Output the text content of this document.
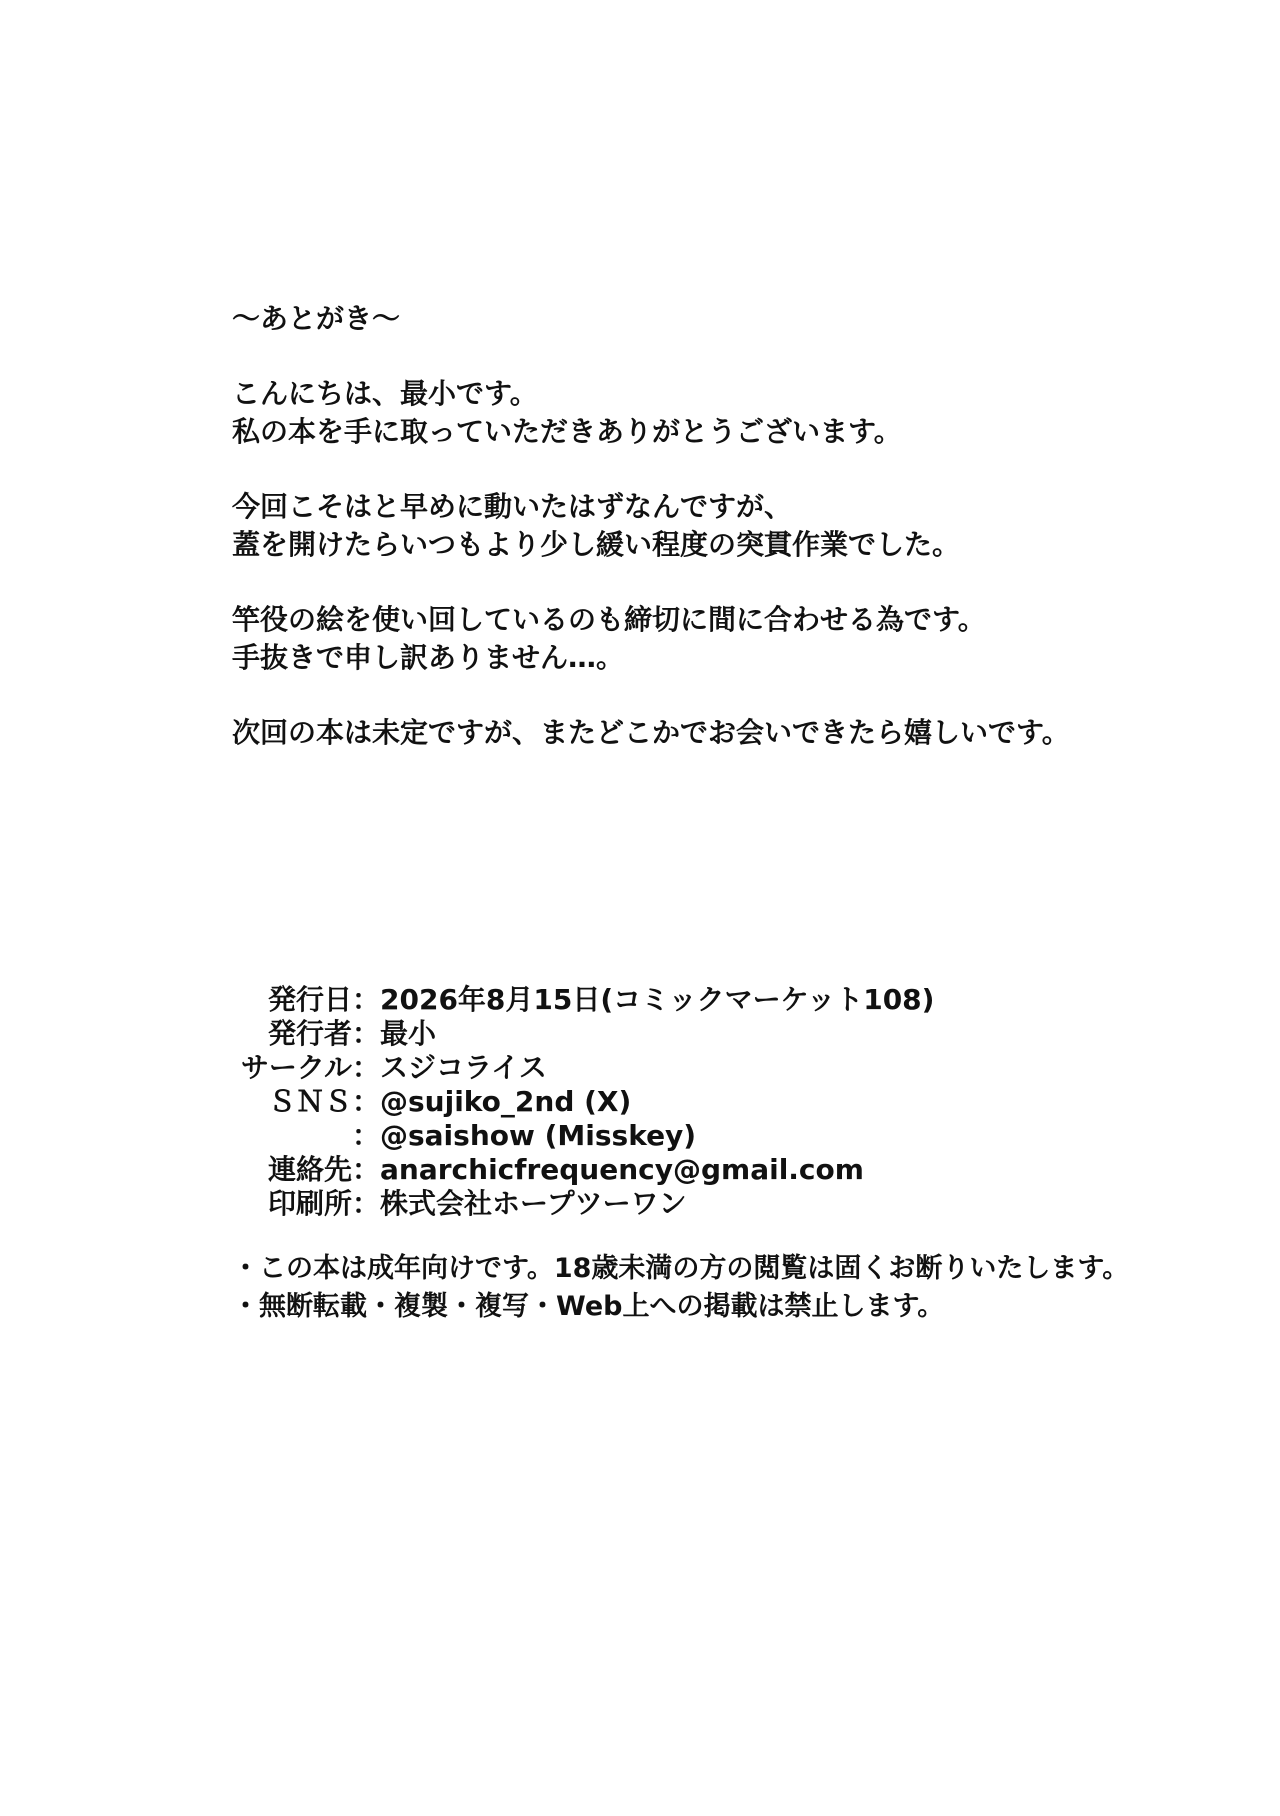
〜あとがき〜

こんにちは、最小です。

私の本を手に取っていただきありがとうございます。

今回こそはと早めに動いたはずなんですが、

蓋を開けたらいつもより少し緩い程度の突貫作業でした。

竿役の絵を使い回しているのも締切に間に合わせる為です。

手抜きで申し訳ありません…。

次回の本は未定ですが、またどこかでお会いできたら嬉しいです。

発行日 ： 2026年8月15日(コミックマーケット108)
発行者 ： 最小
サークル ： スジコライス
ＳＮＳ ： @sujiko_2nd (X)
： @saishow (Misskey)
連絡先 ： anarchicfrequency@gmail.com
印刷所 ： 株式会社ホープツーワン

・この本は成年向けです。18歳未満の方の閲覧は固くお断りいたします。

・無断転載・複製・複写・Web上への掲載は禁止します。
